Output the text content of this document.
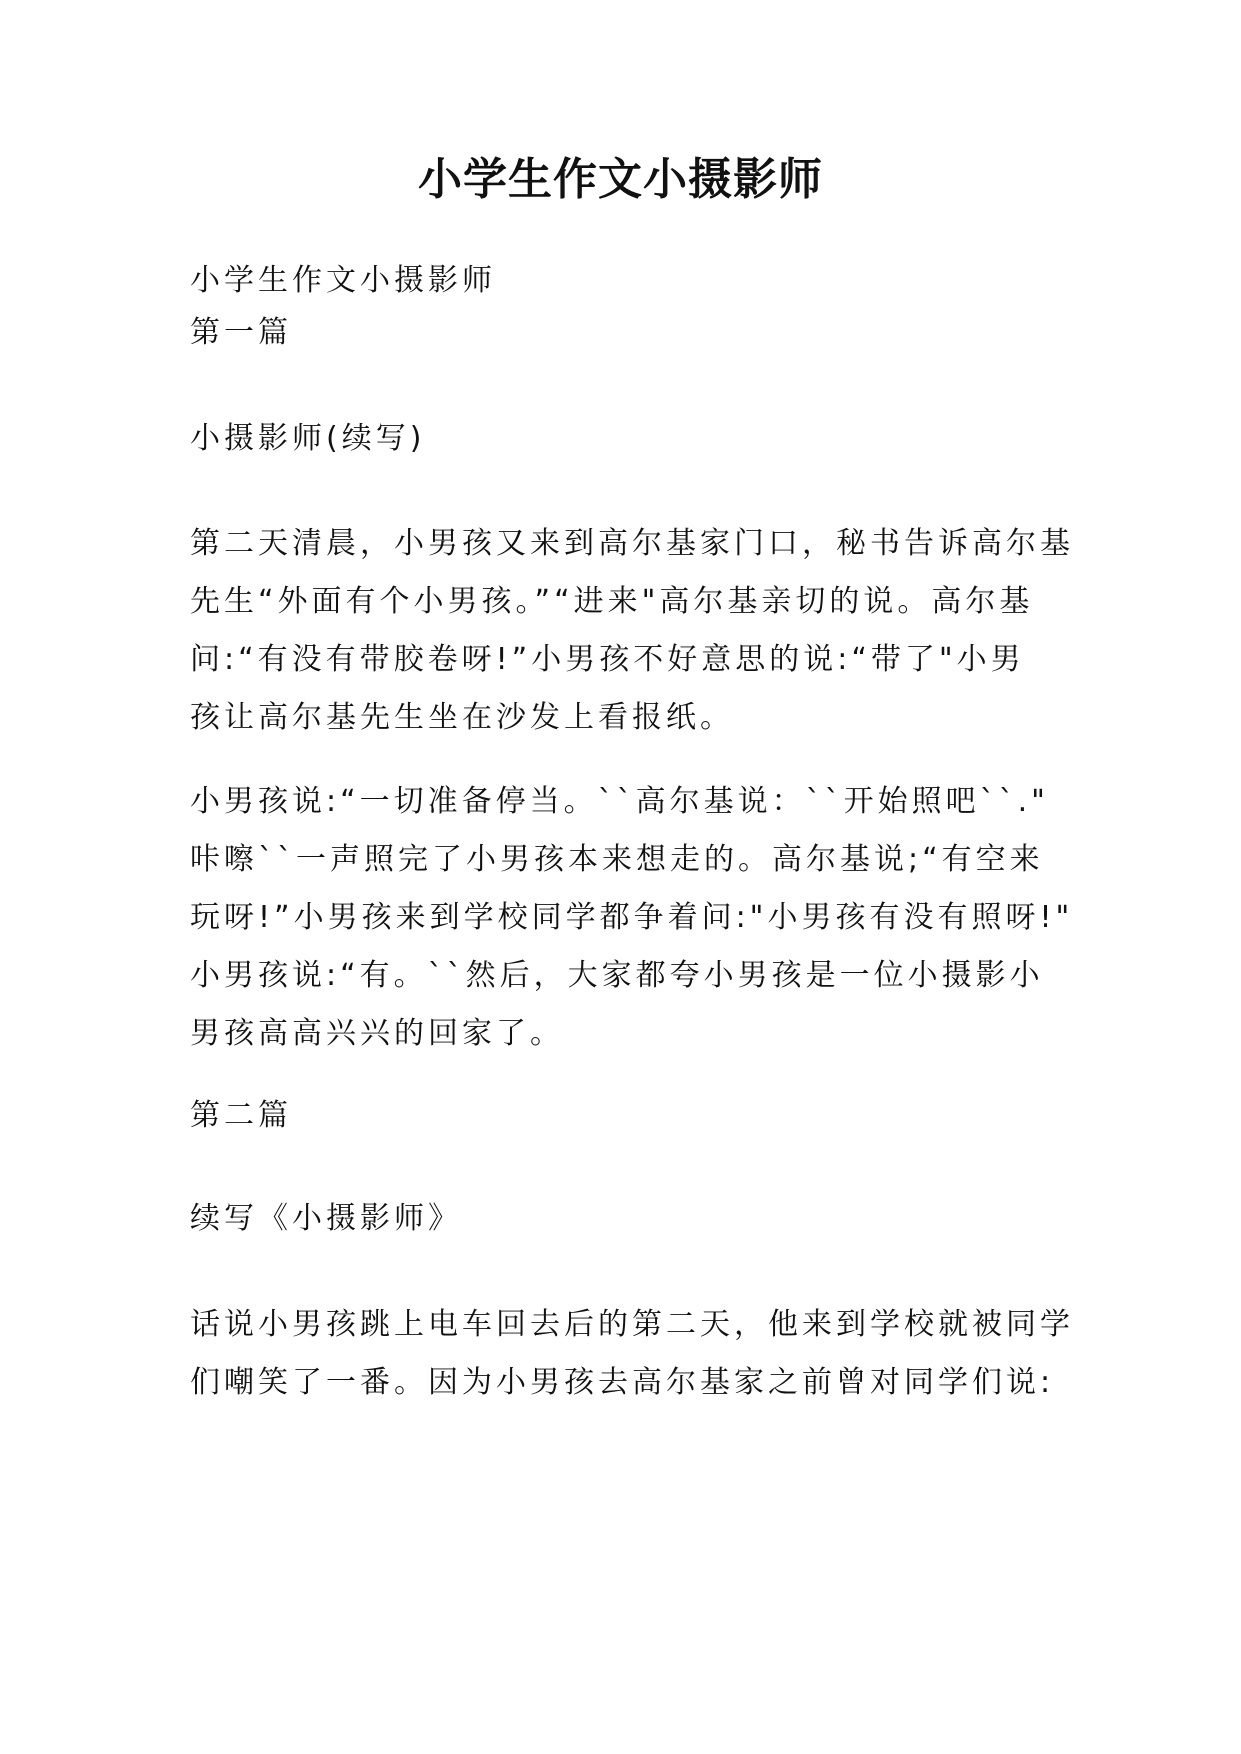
小学生作文小摄影师

小学生作文小摄影师

第一篇

小摄影师(续写)

第二天清晨，小男孩又来到高尔基家门口，秘书告诉高尔基
先生“外面有个小男孩。”“进来"高尔基亲切的说。高尔基
问:“有没有带胶卷呀!”小男孩不好意思的说:“带了"小男
孩让高尔基先生坐在沙发上看报纸。
小男孩说:“一切准备停当。``高尔基说：``开始照吧``."
咔嚓``一声照完了小男孩本来想走的。高尔基说;“有空来
玩呀!”小男孩来到学校同学都争着问:"小男孩有没有照呀!"
小男孩说:“有。``然后，大家都夸小男孩是一位小摄影小
男孩高高兴兴的回家了。

第二篇

续写《小摄影师》

话说小男孩跳上电车回去后的第二天，他来到学校就被同学
们嘲笑了一番。因为小男孩去高尔基家之前曾对同学们说:
